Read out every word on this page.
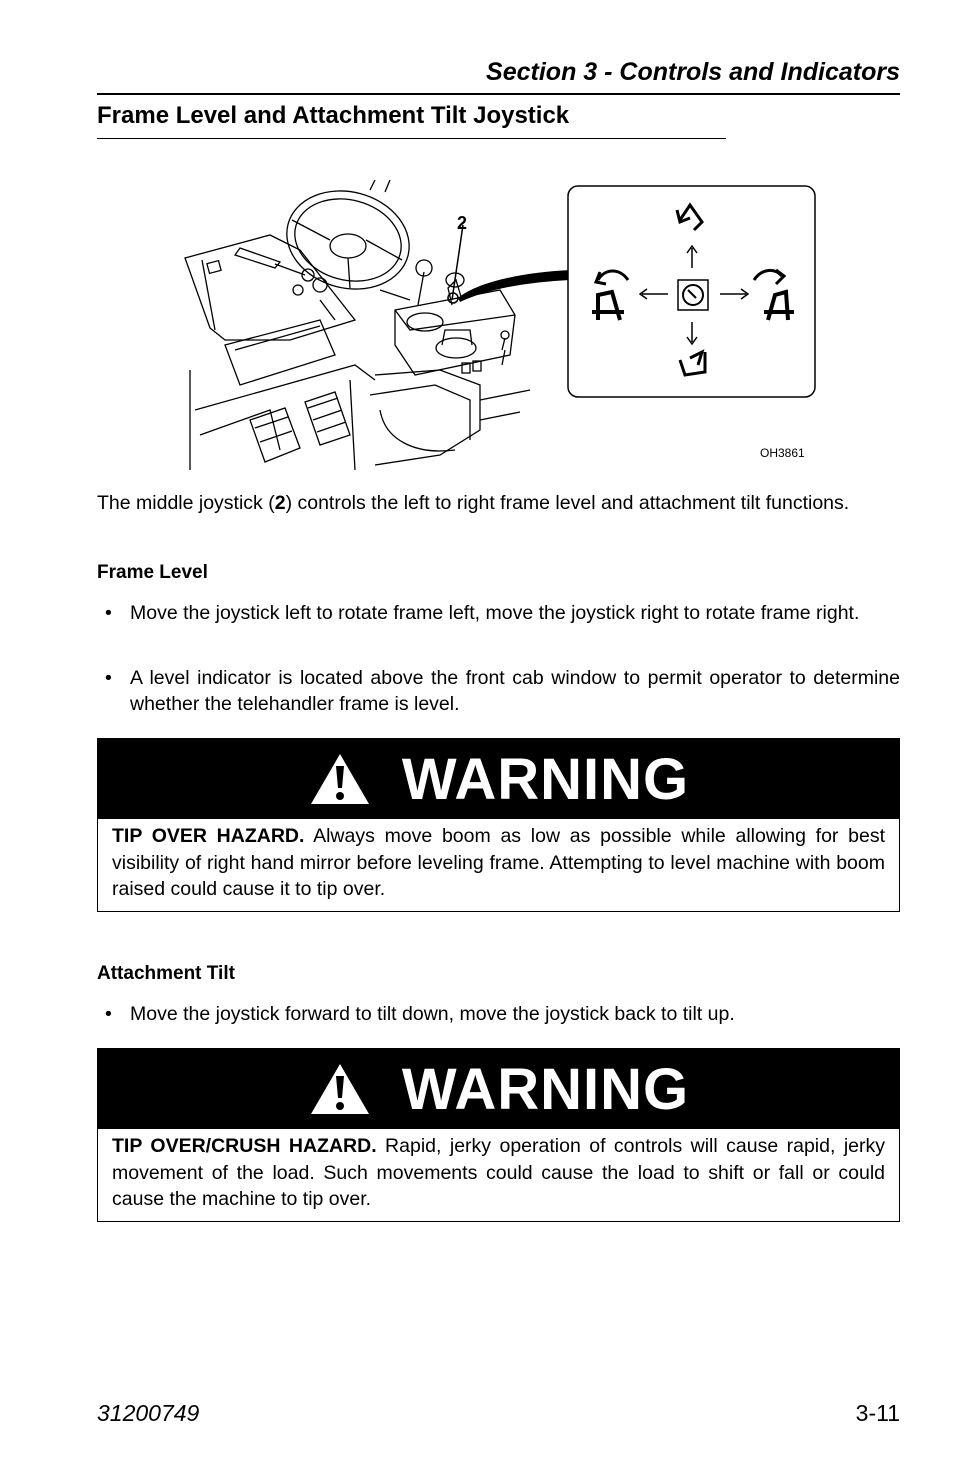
Section 3 - Controls and Indicators
Frame Level and Attachment Tilt Joystick
2
OH3861
The middle joystick (2) controls the left to right frame level and attachment tilt functions.
Frame Level
• Move the joystick left to rotate frame left, move the joystick right to rotate frame right.
• A level indicator is located above the front cab window to permit operator to determine whether the telehandler frame is level.
WARNING
TIP OVER HAZARD. Always move boom as low as possible while allowing for best visibility of right hand mirror before leveling frame. Attempting to level machine with boom raised could cause it to tip over.
Attachment Tilt
• Move the joystick forward to tilt down, move the joystick back to tilt up.
WARNING
TIP OVER/CRUSH HAZARD. Rapid, jerky operation of controls will cause rapid, jerky movement of the load. Such movements could cause the load to shift or fall or could cause the machine to tip over.
31200749	3-11
